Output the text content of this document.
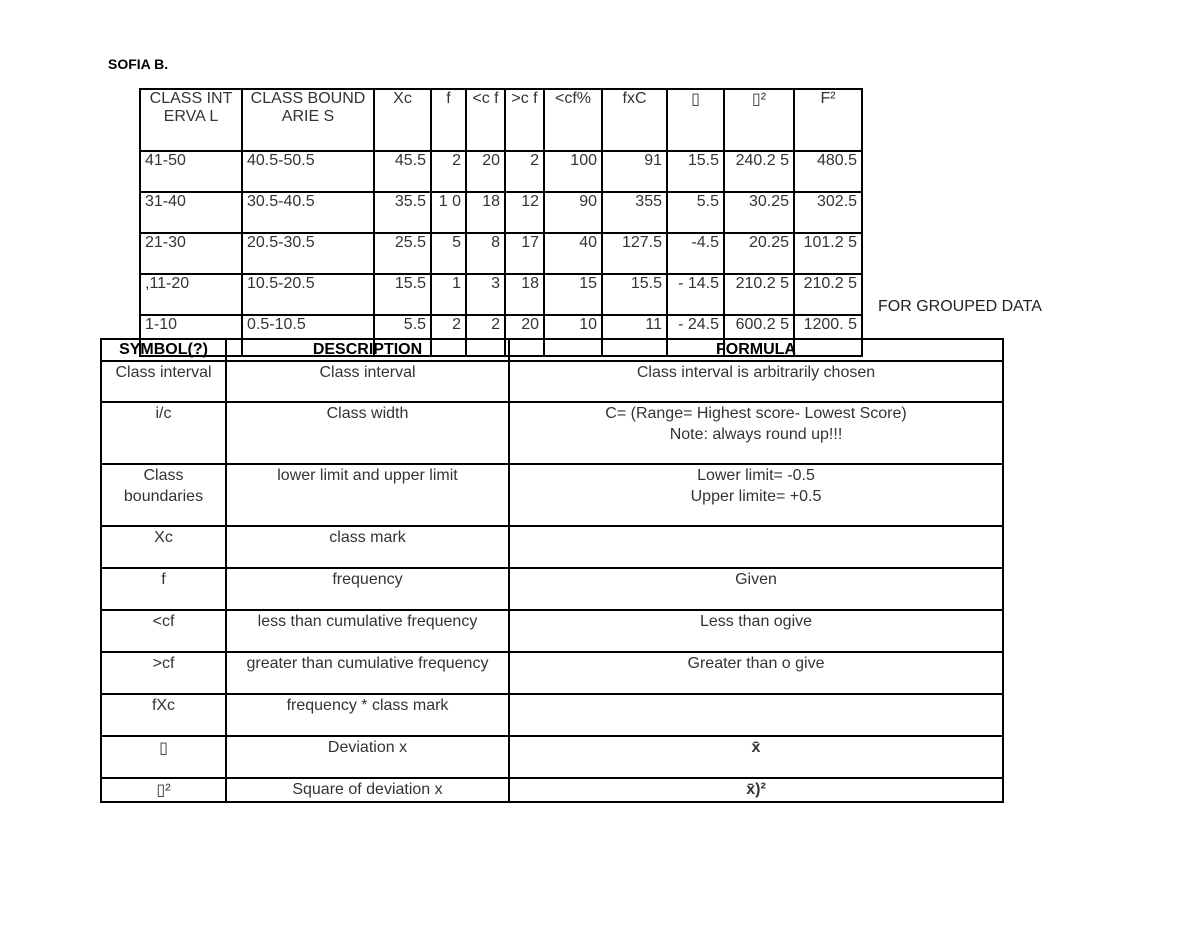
SOFIA B.
CLASS INTERVA L	CLASS BOUNDARIE S	Xc	f	<c f	>c f	<cf%	fxC	▯	▯²	F²
41-50	40.5-50.5	45.5	2	20	2	100	91	15.5	240.2 5	480.5
31-40	30.5-40.5	35.5	1 0	18	12	90	355	5.5	30.25	302.5
21-30	20.5-30.5	25.5	5	8	17	40	127.5	-4.5	20.25	101.2 5
,11-20	10.5-20.5	15.5	1	3	18	15	15.5	- 14.5	210.2 5	210.2 5
1-10	0.5-10.5	5.5	2	2	20	10	11	- 24.5	600.2 5	1200. 5
FOR GROUPED DATA
SYMBOL(?)	DESCRIPTION	FORMULA
Class interval	Class interval	Class interval is arbitrarily chosen
i/c	Class width	C= (Range= Highest score- Lowest Score)
Note: always round up!!!

Class boundaries	lower limit and upper limit	Lower limit= -0.5
Upper limite= +0.5

Xc	class mark	
f	frequency	Given
<cf	less than cumulative frequency	Less than ogive
>cf	greater than cumulative frequency	Greater than o give
fXc	frequency * class mark	
▯	Deviation x	x̄
▯²	Square of deviation x	x̄)²
